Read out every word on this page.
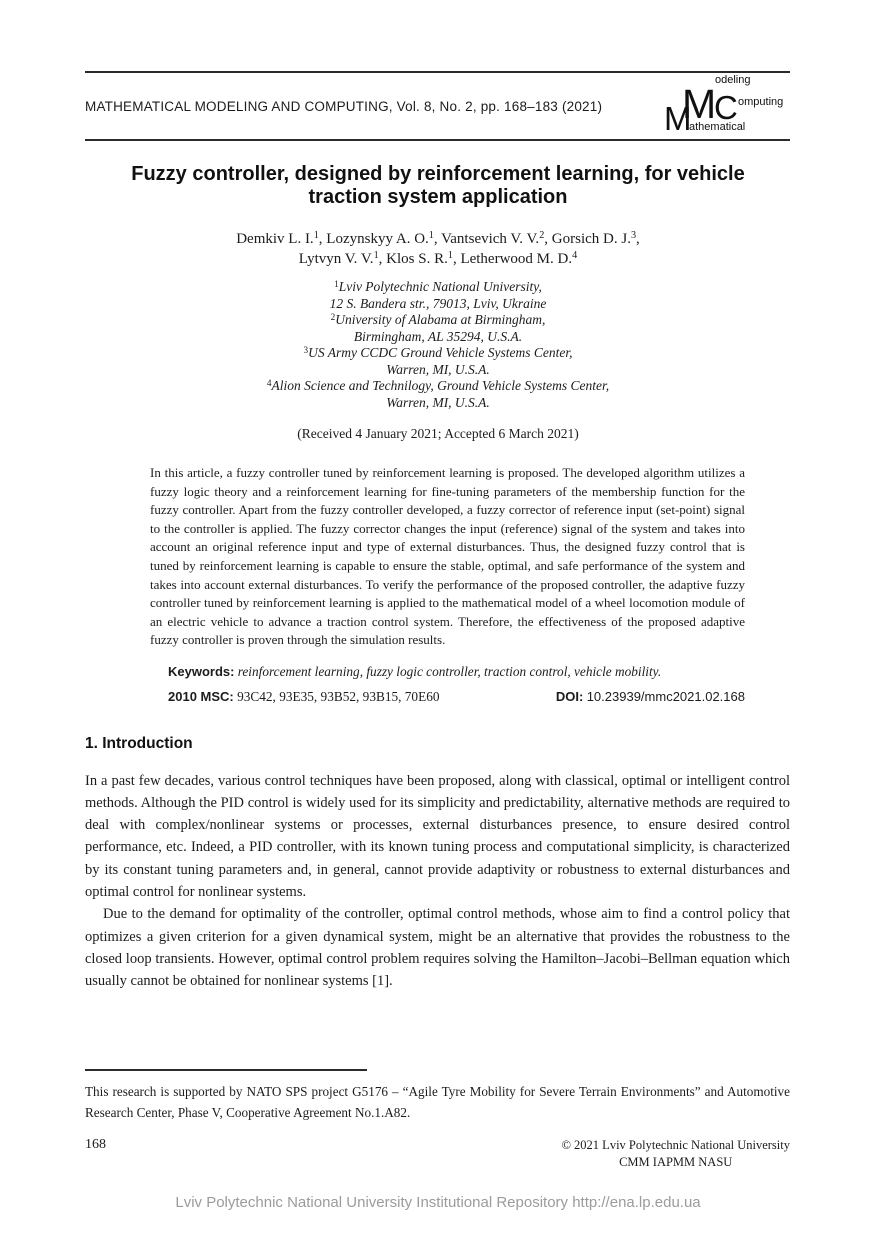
MATHEMATICAL MODELING AND COMPUTING, Vol. 8, No. 2, pp. 168–183 (2021) M
athematical
M
odeling
C omputing
Fuzzy controller, designed by reinforcement learning, for vehicle
traction system application
Demkiv L. I.$^1$, Lozynskyy A. O.$^1$, Vantsevich V. V.$^2$, Gorsich D. J.$^3$,
Lytvyn V. V.$^1$, Klos S. R.$^1$, Letherwood M. D.$^4$
$^1$Lviv Polytechnic National University,
12 S. Bandera str., 79013, Lviv, Ukraine
$^2$University of Alabama at Birmingham,
Birmingham, AL 35294, U.S.A.
$^3$US Army CCDC Ground Vehicle Systems Center,
Warren, MI, U.S.A.
$^4$Alion Science and Technilogy, Ground Vehicle Systems Center,
Warren, MI, U.S.A.
(Received 4 January 2021; Accepted 6 March 2021)
In this article, a fuzzy controller tuned by reinforcement learning is proposed. The developed algorithm utilizes a fuzzy logic theory and a reinforcement learning for fine-tuning parameters of the membership function for the fuzzy controller. Apart from the fuzzy controller developed, a fuzzy corrector of reference input (set-point) signal to the controller is applied. The fuzzy corrector changes the input (reference) signal of the system and takes into account an original reference input and type of external disturbances. Thus, the designed fuzzy control that is tuned by reinforcement learning is capable to ensure the stable, optimal, and safe performance of the system and takes into account external disturbances. To verify the performance of the proposed controller, the adaptive fuzzy controller tuned by reinforcement learning is applied to the mathematical model of a wheel locomotion module of an electric vehicle to advance a traction control system. Therefore, the effectiveness of the proposed adaptive fuzzy controller is proven through the simulation results.

Keywords: reinforcement learning, fuzzy logic controller, traction control, vehicle mobility.

2010 MSC: 93C42, 93E35, 93B52, 93B15, 70E60	DOI: 10.23939/mmc2021.02.168
1. Introduction

In a past few decades, various control techniques have been proposed, along with classical, optimal or intelligent control methods. Although the PID control is widely used for its simplicity and predictability, alternative methods are required to deal with complex/nonlinear systems or processes, external disturbances presence, to ensure desired control performance, etc. Indeed, a PID controller, with its known tuning process and computational simplicity, is characterized by its constant tuning parameters and, in general, cannot provide adaptivity or robustness to external disturbances and optimal control for nonlinear systems.

Due to the demand for optimality of the controller, optimal control methods, whose aim to find a control policy that optimizes a given criterion for a given dynamical system, might be an alternative that provides the robustness to the closed loop transients. However, optimal control problem requires solving the Hamilton–Jacobi–Bellman equation which usually cannot be obtained for nonlinear systems [1].

This research is supported by NATO SPS project G5176 – “Agile Tyre Mobility for Severe Terrain Environments” and Automotive Research Center, Phase V, Cooperative Agreement No.1.A82.

168	© 2021 Lviv Polytechnic National University
CMM IAPMM NASU
Lviv Polytechnic National University Institutional Repository http://ena.lp.edu.ua
